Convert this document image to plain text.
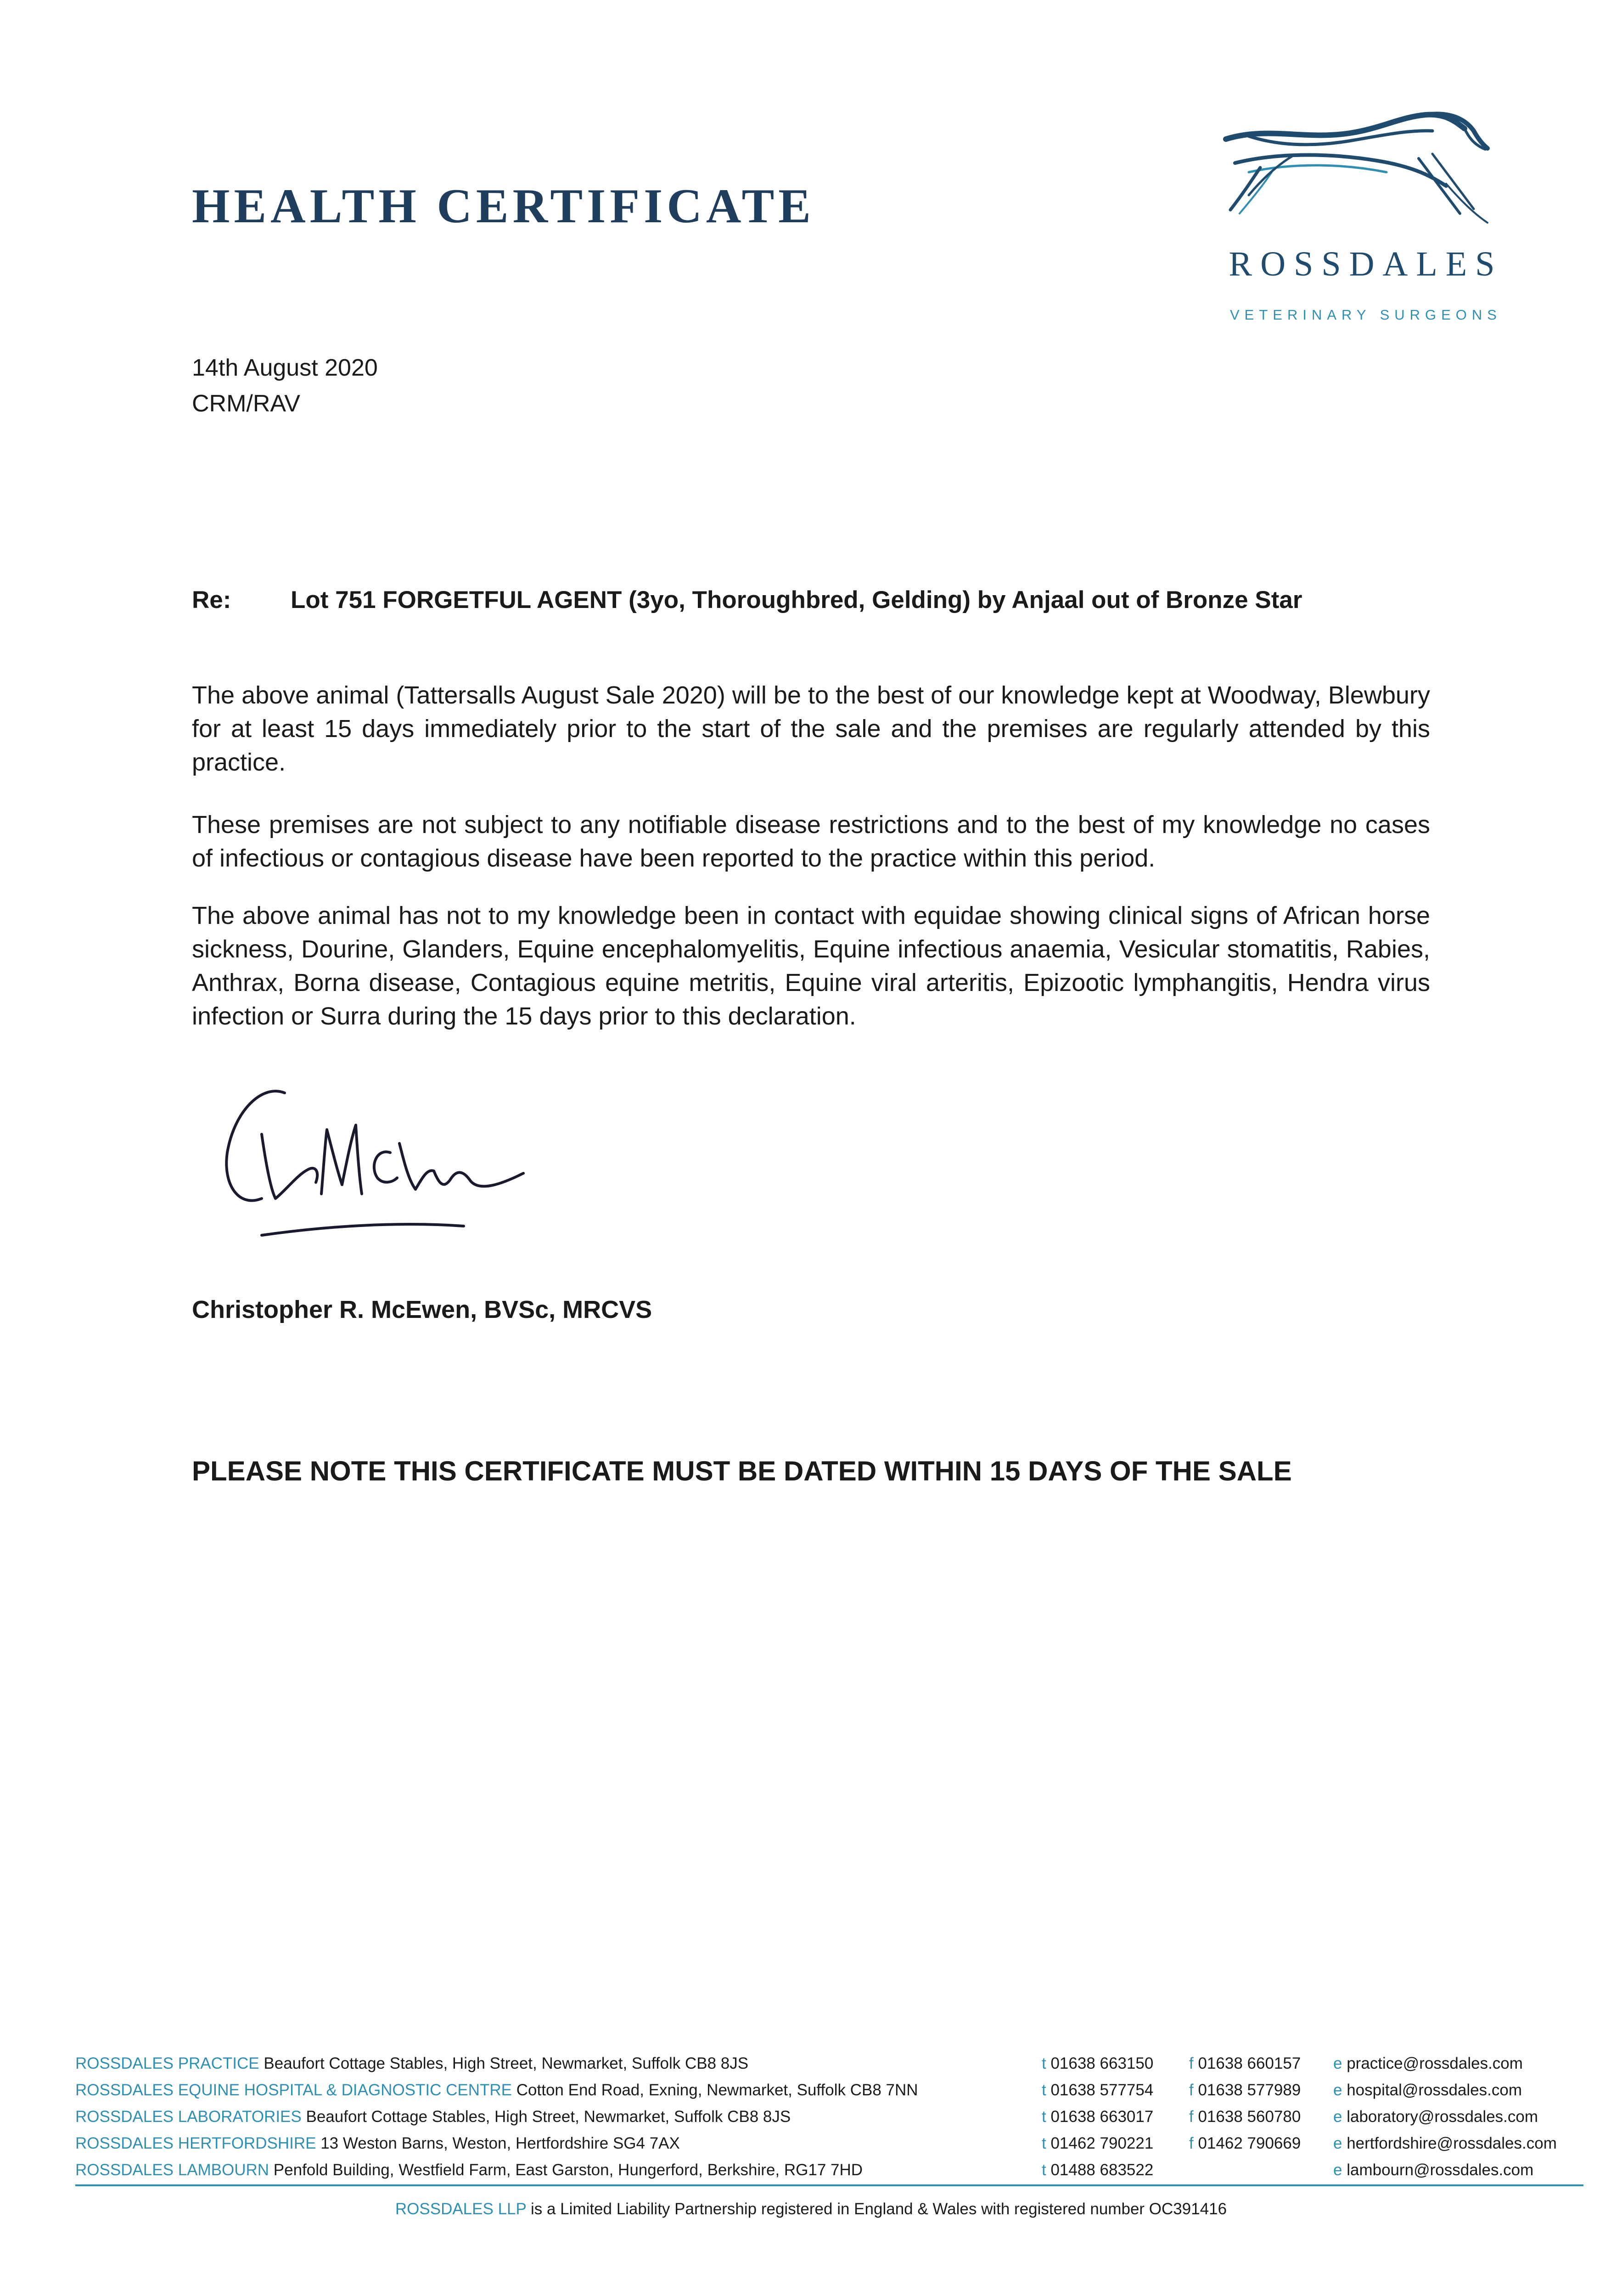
HEALTH CERTIFICATE
ROSSDALES
VETERINARY SURGEONS
14th August 2020
CRM/RAV
Re: Lot 751 FORGETFUL AGENT (3yo, Thoroughbred, Gelding) by Anjaal out of Bronze Star

The above animal (Tattersalls August Sale 2020) will be to the best of our knowledge kept at Woodway, Blewbury for at least 15 days immediately prior to the start of the sale and the premises are regularly attended by this practice.

These premises are not subject to any notifiable disease restrictions and to the best of my knowledge no cases of infectious or contagious disease have been reported to the practice within this period.

The above animal has not to my knowledge been in contact with equidae showing clinical signs of African horse sickness, Dourine, Glanders, Equine encephalomyelitis, Equine infectious anaemia, Vesicular stomatitis, Rabies, Anthrax, Borna disease, Contagious equine metritis, Equine viral arteritis, Epizootic lymphangitis, Hendra virus infection or Surra during the 15 days prior to this declaration.

Christopher R. McEwen, BVSc, MRCVS
PLEASE NOTE THIS CERTIFICATE MUST BE DATED WITHIN 15 DAYS OF THE SALE
ROSSDALES PRACTICE Beaufort Cottage Stables, High Street, Newmarket, Suffolk CB8 8JS	t 01638 663150 f 01638 660157 e practice@rossdales.com
ROSSDALES EQUINE HOSPITAL & DIAGNOSTIC CENTRE Cotton End Road, Exning, Newmarket, Suffolk CB8 7NN	t 01638 577754 f 01638 577989 e hospital@rossdales.com
ROSSDALES LABORATORIES Beaufort Cottage Stables, High Street, Newmarket, Suffolk CB8 8JS	t 01638 663017 f 01638 560780 e laboratory@rossdales.com
ROSSDALES HERTFORDSHIRE 13 Weston Barns, Weston, Hertfordshire SG4 7AX	t 01462 790221 f 01462 790669 e hertfordshire@rossdales.com
ROSSDALES LAMBOURN Penfold Building, Westfield Farm, East Garston, Hungerford, Berkshire, RG17 7HD	t 01488 683522	e lambourn@rossdales.com
ROSSDALES LLP is a Limited Liability Partnership registered in England & Wales with registered number OC391416
